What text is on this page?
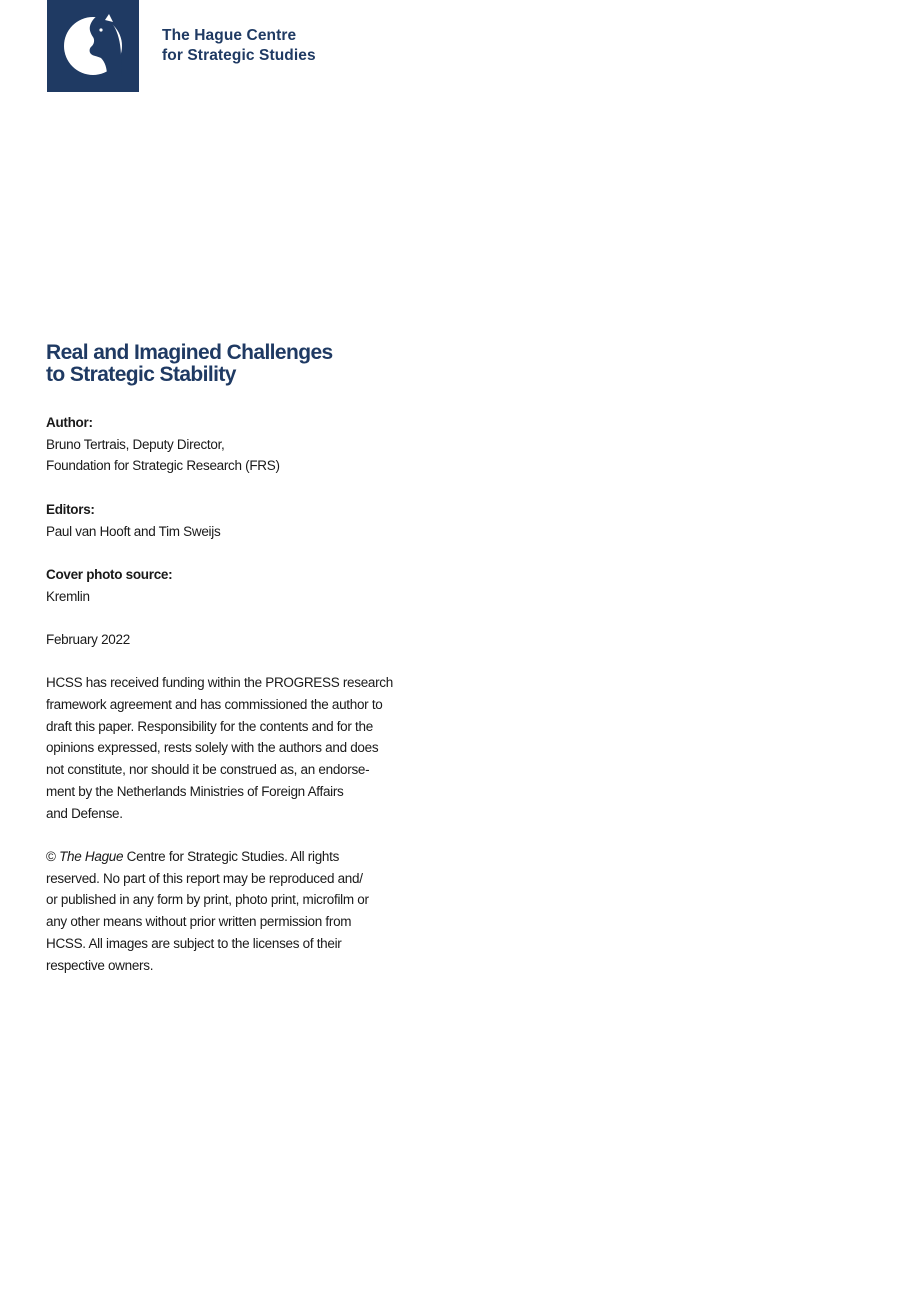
The Hague Centre
for Strategic Studies
Real and Imagined Challenges
to Strategic Stability
Author:
Bruno Tertrais, Deputy Director,
Foundation for Strategic Research (FRS)
Editors:
Paul van Hooft and Tim Sweijs
Cover photo source:
Kremlin
February 2022
HCSS has received funding within the PROGRESS research
framework agreement and has commissioned the author to
draft this paper. Responsibility for the contents and for the
opinions expressed, rests solely with the authors and does
not constitute, nor should it be construed as, an endorse-
ment by the Netherlands Ministries of Foreign Affairs
and Defense.
© The Hague Centre for Strategic Studies. All rights
reserved. No part of this report may be reproduced and/
or published in any form by print, photo print, microfilm or
any other means without prior written permission from
HCSS. All images are subject to the licenses of their
respective owners.
